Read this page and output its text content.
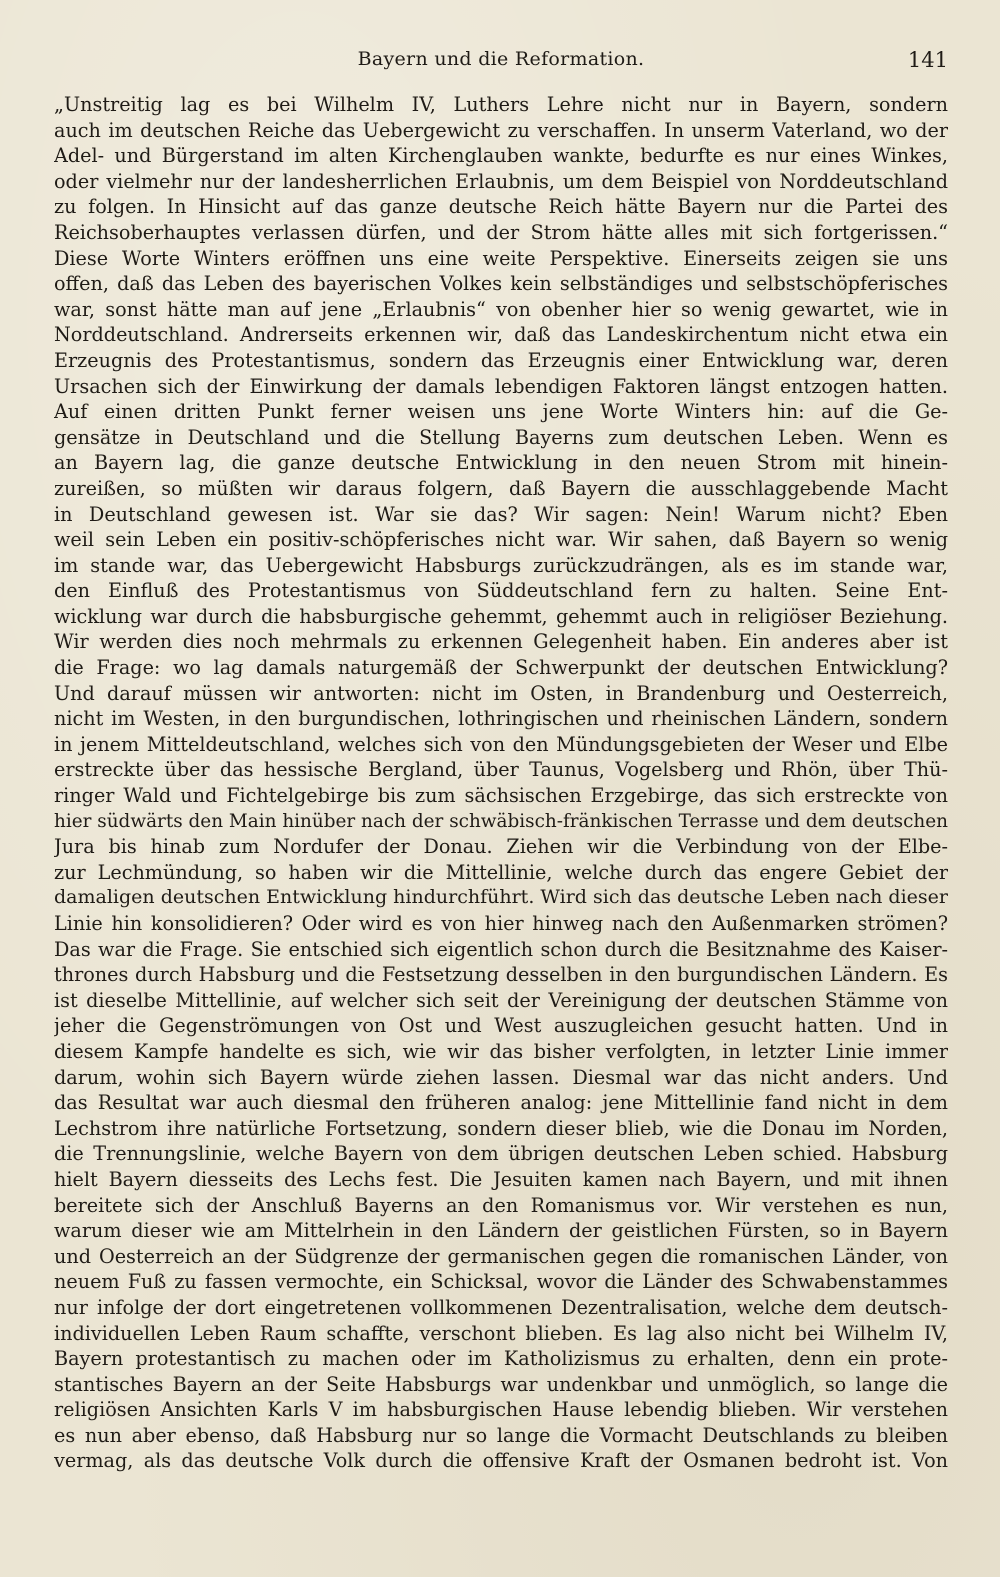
Bayern und die Reformation.	141
„Unstreitig lag es bei Wilhelm IV, Luthers Lehre nicht nur in Bayern, sondern
auch im deutschen Reiche das Uebergewicht zu verschaffen. In unserm Vaterland, wo der
Adel- und Bürgerstand im alten Kirchenglauben wankte, bedurfte es nur eines Winkes,
oder vielmehr nur der landesherrlichen Erlaubnis, um dem Beispiel von Norddeutschland
zu folgen. In Hinsicht auf das ganze deutsche Reich hätte Bayern nur die Partei des
Reichsoberhauptes verlassen dürfen, und der Strom hätte alles mit sich fortgerissen.“
Diese Worte Winters eröffnen uns eine weite Perspektive. Einerseits zeigen sie uns
offen, daß das Leben des bayerischen Volkes kein selbständiges und selbstschöpferisches
war, sonst hätte man auf jene „Erlaubnis“ von obenher hier so wenig gewartet, wie in
Norddeutschland. Andrerseits erkennen wir, daß das Landeskirchentum nicht etwa ein
Erzeugnis des Protestantismus, sondern das Erzeugnis einer Entwicklung war, deren
Ursachen sich der Einwirkung der damals lebendigen Faktoren längst entzogen hatten.
Auf einen dritten Punkt ferner weisen uns jene Worte Winters hin: auf die Ge-
gensätze in Deutschland und die Stellung Bayerns zum deutschen Leben. Wenn es
an Bayern lag, die ganze deutsche Entwicklung in den neuen Strom mit hinein-
zureißen, so müßten wir daraus folgern, daß Bayern die ausschlaggebende Macht
in Deutschland gewesen ist. War sie das? Wir sagen: Nein! Warum nicht? Eben
weil sein Leben ein positiv-schöpferisches nicht war. Wir sahen, daß Bayern so wenig
im stande war, das Uebergewicht Habsburgs zurückzudrängen, als es im stande war,
den Einfluß des Protestantismus von Süddeutschland fern zu halten. Seine Ent-
wicklung war durch die habsburgische gehemmt, gehemmt auch in religiöser Beziehung.
Wir werden dies noch mehrmals zu erkennen Gelegenheit haben. Ein anderes aber ist
die Frage: wo lag damals naturgemäß der Schwerpunkt der deutschen Entwicklung?
Und darauf müssen wir antworten: nicht im Osten, in Brandenburg und Oesterreich,
nicht im Westen, in den burgundischen, lothringischen und rheinischen Ländern, sondern
in jenem Mitteldeutschland, welches sich von den Mündungsgebieten der Weser und Elbe
erstreckte über das hessische Bergland, über Taunus, Vogelsberg und Rhön, über Thü-
ringer Wald und Fichtelgebirge bis zum sächsischen Erzgebirge, das sich erstreckte von
hier südwärts den Main hinüber nach der schwäbisch-fränkischen Terrasse und dem deutschen
Jura bis hinab zum Nordufer der Donau. Ziehen wir die Verbindung von der Elbe-
zur Lechmündung, so haben wir die Mittellinie, welche durch das engere Gebiet der
damaligen deutschen Entwicklung hindurchführt. Wird sich das deutsche Leben nach dieser
Linie hin konsolidieren? Oder wird es von hier hinweg nach den Außenmarken strömen?
Das war die Frage. Sie entschied sich eigentlich schon durch die Besitznahme des Kaiser-
thrones durch Habsburg und die Festsetzung desselben in den burgundischen Ländern. Es
ist dieselbe Mittellinie, auf welcher sich seit der Vereinigung der deutschen Stämme von
jeher die Gegenströmungen von Ost und West auszugleichen gesucht hatten. Und in
diesem Kampfe handelte es sich, wie wir das bisher verfolgten, in letzter Linie immer
darum, wohin sich Bayern würde ziehen lassen. Diesmal war das nicht anders. Und
das Resultat war auch diesmal den früheren analog: jene Mittellinie fand nicht in dem
Lechstrom ihre natürliche Fortsetzung, sondern dieser blieb, wie die Donau im Norden,
die Trennungslinie, welche Bayern von dem übrigen deutschen Leben schied. Habsburg
hielt Bayern diesseits des Lechs fest. Die Jesuiten kamen nach Bayern, und mit ihnen
bereitete sich der Anschluß Bayerns an den Romanismus vor. Wir verstehen es nun,
warum dieser wie am Mittelrhein in den Ländern der geistlichen Fürsten, so in Bayern
und Oesterreich an der Südgrenze der germanischen gegen die romanischen Länder, von
neuem Fuß zu fassen vermochte, ein Schicksal, wovor die Länder des Schwabenstammes
nur infolge der dort eingetretenen vollkommenen Dezentralisation, welche dem deutsch-
individuellen Leben Raum schaffte, verschont blieben. Es lag also nicht bei Wilhelm IV,
Bayern protestantisch zu machen oder im Katholizismus zu erhalten, denn ein prote-
stantisches Bayern an der Seite Habsburgs war undenkbar und unmöglich, so lange die
religiösen Ansichten Karls V im habsburgischen Hause lebendig blieben. Wir verstehen
es nun aber ebenso, daß Habsburg nur so lange die Vormacht Deutschlands zu bleiben
vermag, als das deutsche Volk durch die offensive Kraft der Osmanen bedroht ist. Von
